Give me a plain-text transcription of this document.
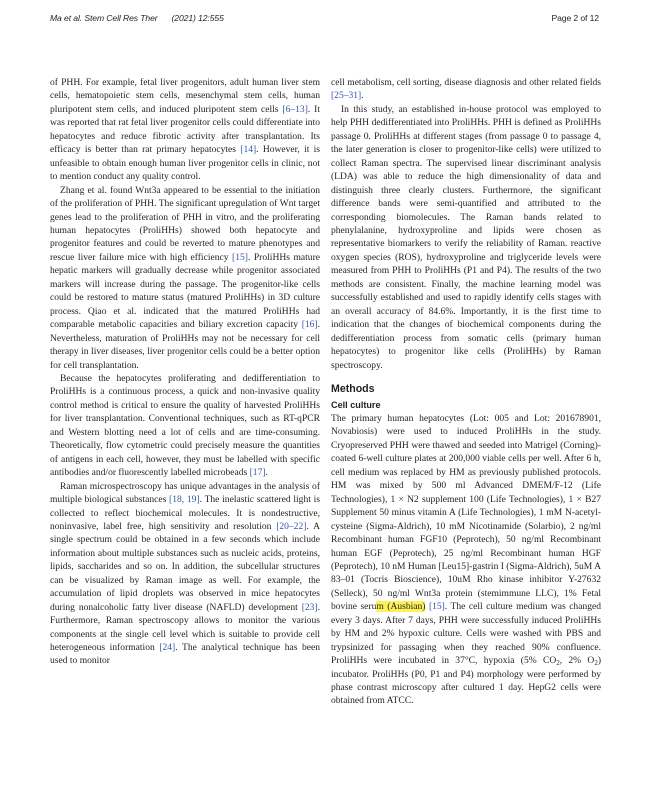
Ma et al. Stem Cell Res Ther (2021) 12:555	Page 2 of 12

of PHH. For example, fetal liver progenitors, adult human liver stem cells, hematopoietic stem cells, mesenchymal stem cells, human pluripotent stem cells, and induced pluripotent stem cells [6–13]. It was reported that rat fetal liver progenitor cells could differentiate into hepatocytes and reduce fibrotic activity after transplantation. Its efficacy is better than rat primary hepatocytes [14]. However, it is unfeasible to obtain enough human liver progenitor cells in clinic, not to mention conduct any quality control.

Zhang et al. found Wnt3a appeared to be essential to the initiation of the proliferation of PHH. The significant upregulation of Wnt target genes lead to the proliferation of PHH in vitro, and the proliferating human hepatocytes (ProliHHs) showed both hepatocyte and progenitor features and could be reverted to mature phenotypes and rescue liver failure mice with high efficiency [15]. ProliHHs mature hepatic markers will gradually decrease while progenitor associated markers will increase during the passage. The progenitor-like cells could be restored to mature status (matured ProliHHs) in 3D culture process. Qiao et al. indicated that the matured ProliHHs had comparable metabolic capacities and biliary excretion capacity [16]. Nevertheless, maturation of ProliHHs may not be necessary for cell therapy in liver diseases, liver progenitor cells could be a better option for cell transplantation.

Because the hepatocytes proliferating and dedifferentiation to ProliHHs is a continuous process, a quick and non-invasive quality control method is critical to ensure the quality of harvested ProliHHs for liver transplantation. Conventional techniques, such as RT-qPCR and Western blotting need a lot of cells and are time-consuming. Theoretically, flow cytometric could precisely measure the quantities of antigens in each cell, however, they must be labelled with specific antibodies and/or fluorescently labelled microbeads [17].

Raman microspectroscopy has unique advantages in the analysis of multiple biological substances [18, 19]. The inelastic scattered light is collected to reflect biochemical molecules. It is nondestructive, noninvasive, label free, high sensitivity and resolution [20–22]. A single spectrum could be obtained in a few seconds which include information about multiple substances such as nucleic acids, proteins, lipids, saccharides and so on. In addition, the subcellular structures can be visualized by Raman image as well. For example, the accumulation of lipid droplets was observed in mice hepatocytes during nonalcoholic fatty liver disease (NAFLD) development [23]. Furthermore, Raman spectroscopy allows to monitor the various components at the single cell level which is suitable to provide cell heterogeneous information [24]. The analytical technique has been used to monitor

cell metabolism, cell sorting, disease diagnosis and other related fields [25–31].

In this study, an established in-house protocol was employed to help PHH dedifferentiated into ProliHHs. PHH is defined as ProliHHs passage 0. ProliHHs at different stages (from passage 0 to passage 4, the later generation is closer to progenitor-like cells) were utilized to collect Raman spectra. The supervised linear discriminant analysis (LDA) was able to reduce the high dimensionality of data and distinguish three clearly clusters. Furthermore, the significant difference bands were semi-quantified and attributed to the corresponding biomolecules. The Raman bands related to phenylalanine, hydroxyproline and lipids were chosen as representative biomarkers to verify the reliability of Raman. reactive oxygen species (ROS), hydroxyproline and triglyceride levels were measured from PHH to ProliHHs (P1 and P4). The results of the two methods are consistent. Finally, the machine learning model was successfully established and used to rapidly identify cells stages with an overall accuracy of 84.6%. Importantly, it is the first time to indication that the changes of biochemical components during the dedifferentiation process from somatic cells (primary human hepatocytes) to progenitor like cells (ProliHHs) by Raman spectroscopy.

Methods
Cell culture

The primary human hepatocytes (Lot: 005 and Lot: 201678901, Novabiosis) were used to induced ProliHHs in the study. Cryopreserved PHH were thawed and seeded into Matrigel (Corning)-coated 6-well culture plates at 200,000 viable cells per well. After 6 h, cell medium was replaced by HM as previously published protocols. HM was mixed by 500 ml Advanced DMEM/F-12 (Life Technologies), 1 × N2 supplement 100 (Life Technologies), 1 × B27 Supplement 50 minus vitamin A (Life Technologies), 1 mM N-acetyl-cysteine (Sigma-Aldrich), 10 mM Nicotinamide (Solarbio), 2 ng/ml Recombinant human FGF10 (Peprotech), 50 ng/ml Recombinant human EGF (Peprotech), 25 ng/ml Recombinant human HGF (Peprotech), 10 nM Human [Leu15]-gastrin I (Sigma-Aldrich), 5uM A 83–01 (Tocris Bioscience), 10uM Rho kinase inhibitor Y-27632 (Selleck), 50 ng/ml Wnt3a protein (stemimmune LLC), 1% Fetal bovine serum (Ausbian) [15]. The cell culture medium was changed every 3 days. After 7 days, PHH were successfully induced ProliHHs by HM and 2% hypoxic culture. Cells were washed with PBS and trypsinized for passaging when they reached 90% confluence. ProliHHs were incubated in 37°C, hypoxia (5% $CO_2$, 2% $O_2$) incubator. ProliHHs (P0, P1 and P4) morphology were performed by phase contrast microscopy after cultured 1 day. HepG2 cells were obtained from ATCC.
